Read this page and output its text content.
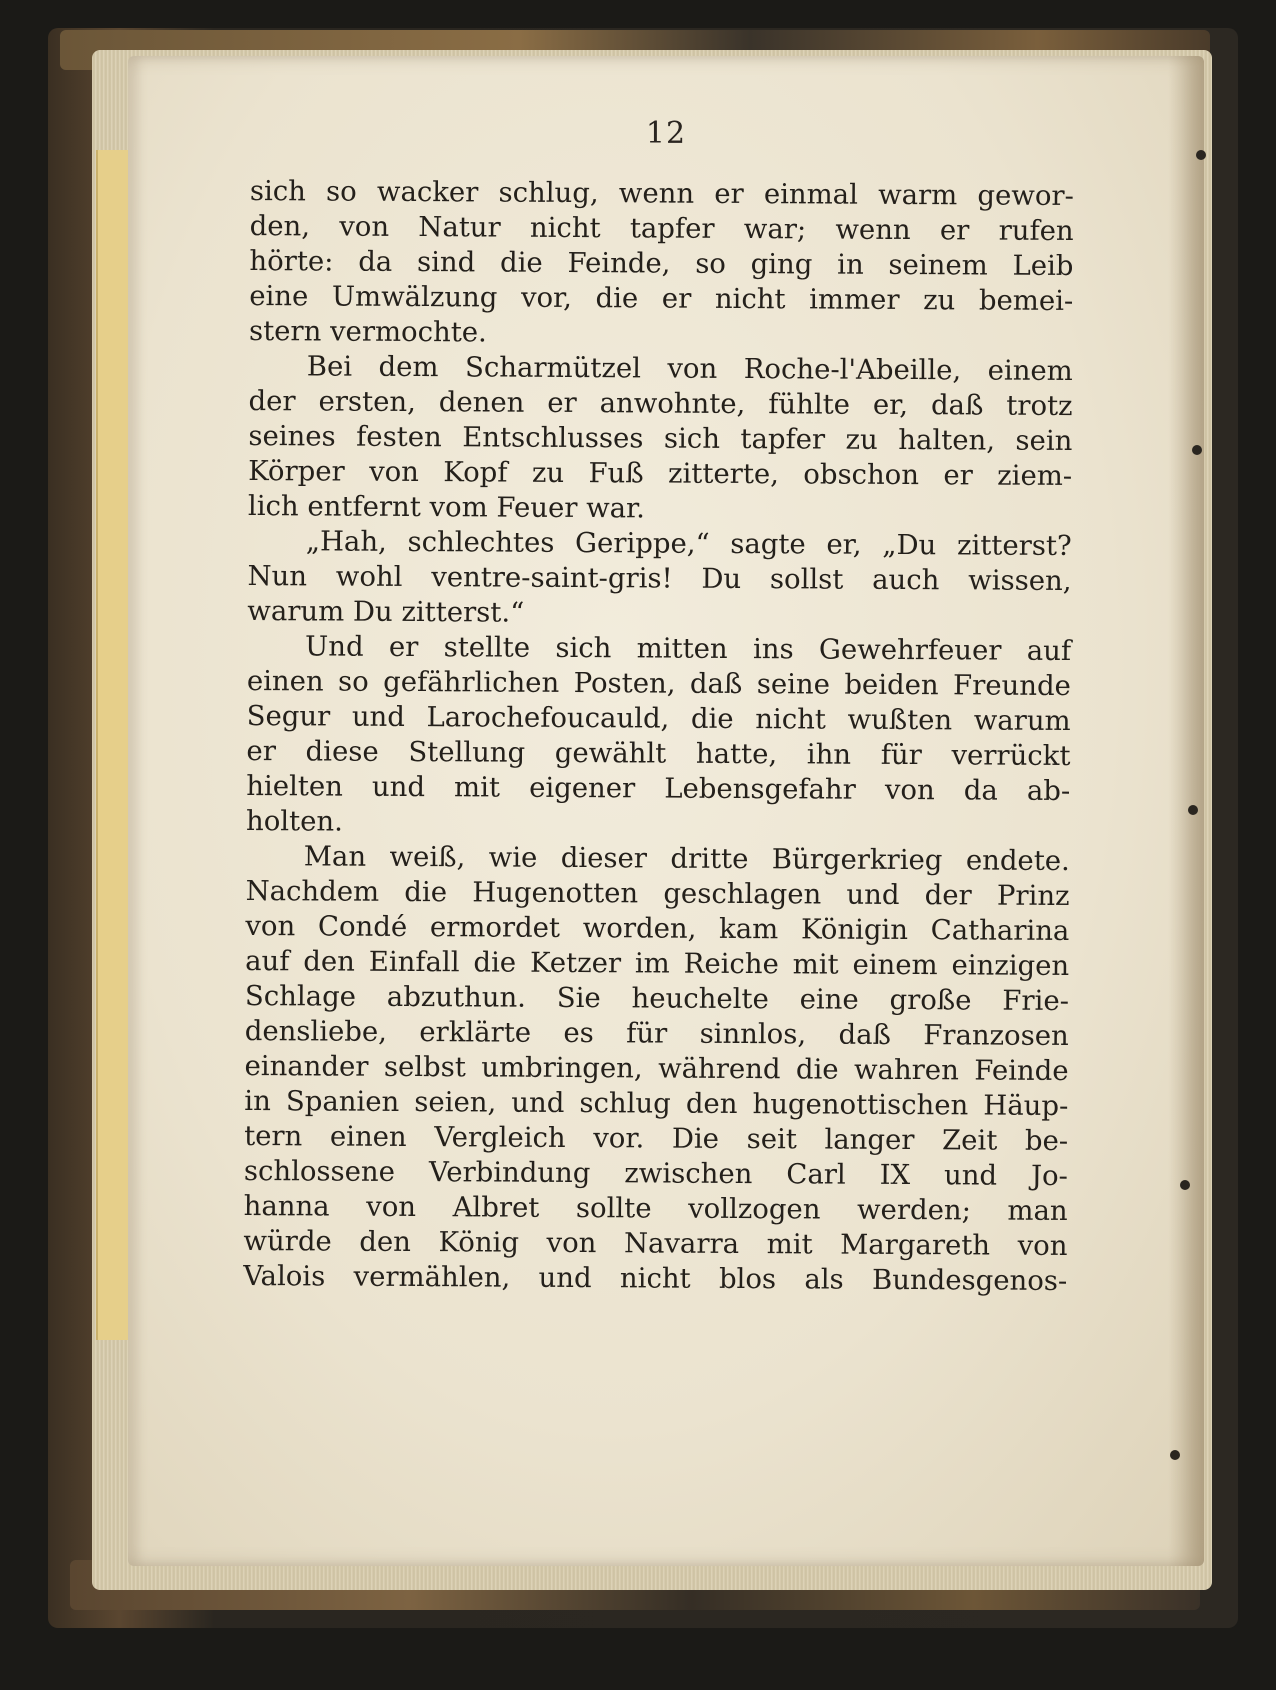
12
sich so wacker schlug, wenn er einmal warm gewor-
den, von Natur nicht tapfer war; wenn er rufen
hörte: da sind die Feinde, so ging in seinem Leib
eine Umwälzung vor, die er nicht immer zu bemei-
stern vermochte.
Bei dem Scharmützel von Roche-l'Abeille, einem
der ersten, denen er anwohnte, fühlte er, daß trotz
seines festen Entschlusses sich tapfer zu halten, sein
Körper von Kopf zu Fuß zitterte, obschon er ziem-
lich entfernt vom Feuer war.
„Hah, schlechtes Gerippe,“ sagte er, „Du zitterst?
Nun wohl ventre-saint-gris! Du sollst auch wissen,
warum Du zitterst.“
Und er stellte sich mitten ins Gewehrfeuer auf
einen so gefährlichen Posten, daß seine beiden Freunde
Segur und Larochefoucauld, die nicht wußten warum
er diese Stellung gewählt hatte, ihn für verrückt
hielten und mit eigener Lebensgefahr von da ab-
holten.
Man weiß, wie dieser dritte Bürgerkrieg endete.
Nachdem die Hugenotten geschlagen und der Prinz
von Condé ermordet worden, kam Königin Catharina
auf den Einfall die Ketzer im Reiche mit einem einzigen
Schlage abzuthun. Sie heuchelte eine große Frie-
densliebe, erklärte es für sinnlos, daß Franzosen
einander selbst umbringen, während die wahren Feinde
in Spanien seien, und schlug den hugenottischen Häup-
tern einen Vergleich vor. Die seit langer Zeit be-
schlossene Verbindung zwischen Carl IX und Jo-
hanna von Albret sollte vollzogen werden; man
würde den König von Navarra mit Margareth von
Valois vermählen, und nicht blos als Bundesgenos-
